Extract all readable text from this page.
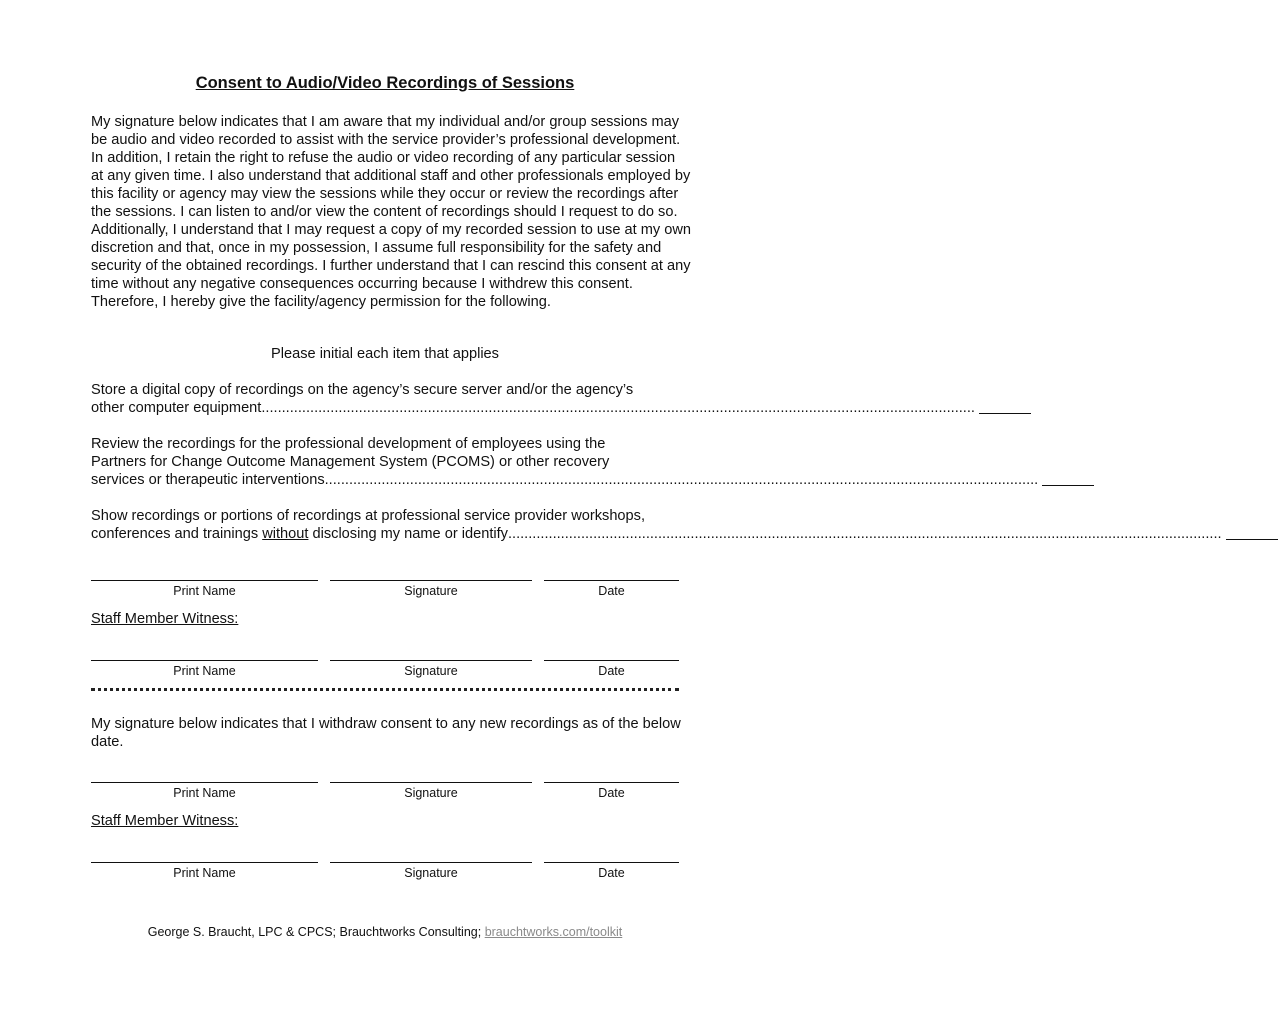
Consent to Audio/Video Recordings of Sessions
My signature below indicates that I am aware that my individual and/or group sessions may be audio and video recorded to assist with the service provider’s professional development. In addition, I retain the right to refuse the audio or video recording of any particular session at any given time. I also understand that additional staff and other professionals employed by this facility or agency may view the sessions while they occur or review the recordings after the sessions. I can listen to and/or view the content of recordings should I request to do so. Additionally, I understand that I may request a copy of my recorded session to use at my own discretion and that, once in my possession, I assume full responsibility for the safety and security of the obtained recordings. I further understand that I can rescind this consent at any time without any negative consequences occurring because I withdrew this consent. Therefore, I hereby give the facility/agency permission for the following.
Please initial each item that applies
Store a digital copy of recordings on the agency’s secure server and/or the agency’s
other computer equipment ................................................................................................................................................................................
Review the recordings for the professional development of employees using the
Partners for Change Outcome Management System (PCOMS) or other recovery
services or therapeutic interventions ................................................................................................................................................................................
Show recordings or portions of recordings at professional service provider workshops,
conferences and trainings without disclosing my name or identify ................................................................................................................................................................................
Print Name	Signature	Date
Staff Member Witness:
Print Name	Signature	Date
My signature below indicates that I withdraw consent to any new recordings as of the below date.
Print Name	Signature	Date
Staff Member Witness:
Print Name	Signature	Date
George S. Braucht, LPC & CPCS; Brauchtworks Consulting; brauchtworks.com/toolkit
